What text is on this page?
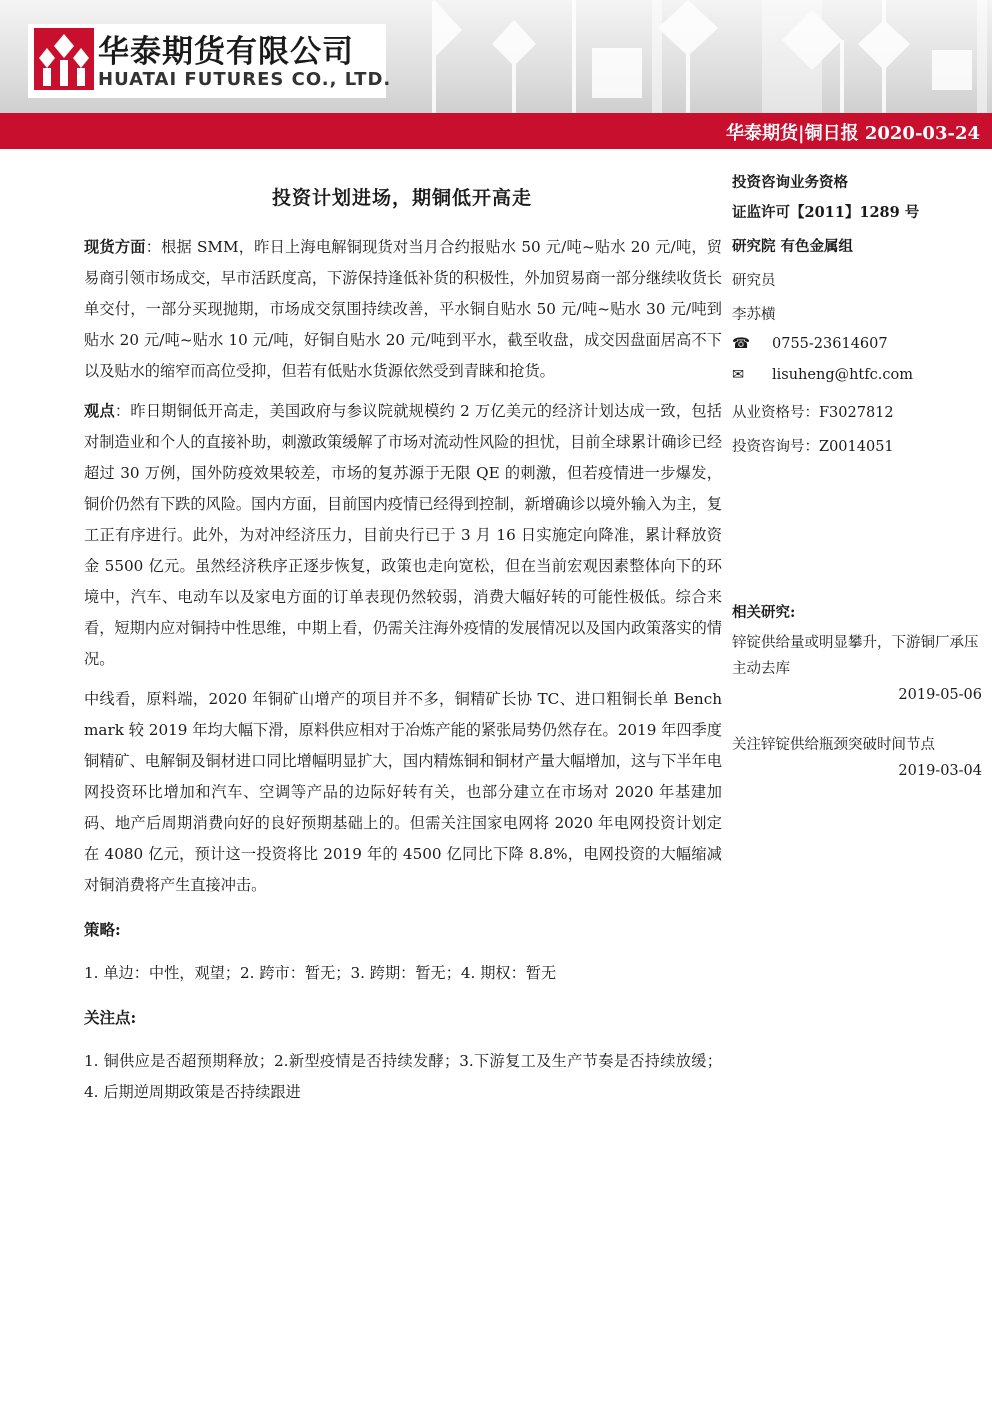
华泰期货有限公司
HUATAI FUTURES CO., LTD.
华泰期货|铜日报 2020-03-24
投资计划进场，期铜低开高走

现货方面：根据 SMM，昨日上海电解铜现货对当月合约报贴水 50 元/吨~贴水 20 元/吨，贸易商引领市场成交，早市活跃度高，下游保持逢低补货的积极性，外加贸易商一部分继续收货长单交付，一部分买现抛期，市场成交氛围持续改善，平水铜自贴水 50 元/吨~贴水 30 元/吨到贴水 20 元/吨~贴水 10 元/吨，好铜自贴水 20 元/吨到平水，截至收盘，成交因盘面居高不下以及贴水的缩窄而高位受抑，但若有低贴水货源依然受到青睐和抢货。

观点：昨日期铜低开高走，美国政府与参议院就规模约 2 万亿美元的经济计划达成一致，包括对制造业和个人的直接补助，刺激政策缓解了市场对流动性风险的担忧，目前全球累计确诊已经超过 30 万例，国外防疫效果较差，市场的复苏源于无限 QE 的刺激，但若疫情进一步爆发，铜价仍然有下跌的风险。国内方面，目前国内疫情已经得到控制，新增确诊以境外输入为主，复工正有序进行。此外，为对冲经济压力，目前央行已于 3 月 16 日实施定向降准，累计释放资金 5500 亿元。虽然经济秩序正逐步恢复，政策也走向宽松，但在当前宏观因素整体向下的环境中，汽车、电动车以及家电方面的订单表现仍然较弱，消费大幅好转的可能性极低。综合来看，短期内应对铜持中性思维，中期上看，仍需关注海外疫情的发展情况以及国内政策落实的情况。

中线看，原料端，2020 年铜矿山增产的项目并不多，铜精矿长协 TC、进口粗铜长单 Benchmark 较 2019 年均大幅下滑，原料供应相对于冶炼产能的紧张局势仍然存在。2019 年四季度铜精矿、电解铜及铜材进口同比增幅明显扩大，国内精炼铜和铜材产量大幅增加，这与下半年电网投资环比增加和汽车、空调等产品的边际好转有关，也部分建立在市场对 2020 年基建加码、地产后周期消费向好的良好预期基础上的。但需关注国家电网将 2020 年电网投资计划定在 4080 亿元，预计这一投资将比 2019 年的 4500 亿同比下降 8.8%，电网投资的大幅缩减对铜消费将产生直接冲击。

策略:

1. 单边：中性，观望；2. 跨市：暂无；3. 跨期：暂无；4. 期权：暂无

关注点:

1. 铜供应是否超预期释放；2.新型疫情是否持续发酵；3.下游复工及生产节奏是否持续放缓；4. 后期逆周期政策是否持续跟进

投资咨询业务资格
证监许可【2011】1289 号
研究院 有色金属组
研究员
李苏横
☎ 0755-23614607
✉ lisuheng@htfc.com
从业资格号：F3027812
投资咨询号：Z0014051
相关研究:
锌锭供给量或明显攀升，下游铜厂承压主动去库
2019-05-06
关注锌锭供给瓶颈突破时间节点
2019-03-04
